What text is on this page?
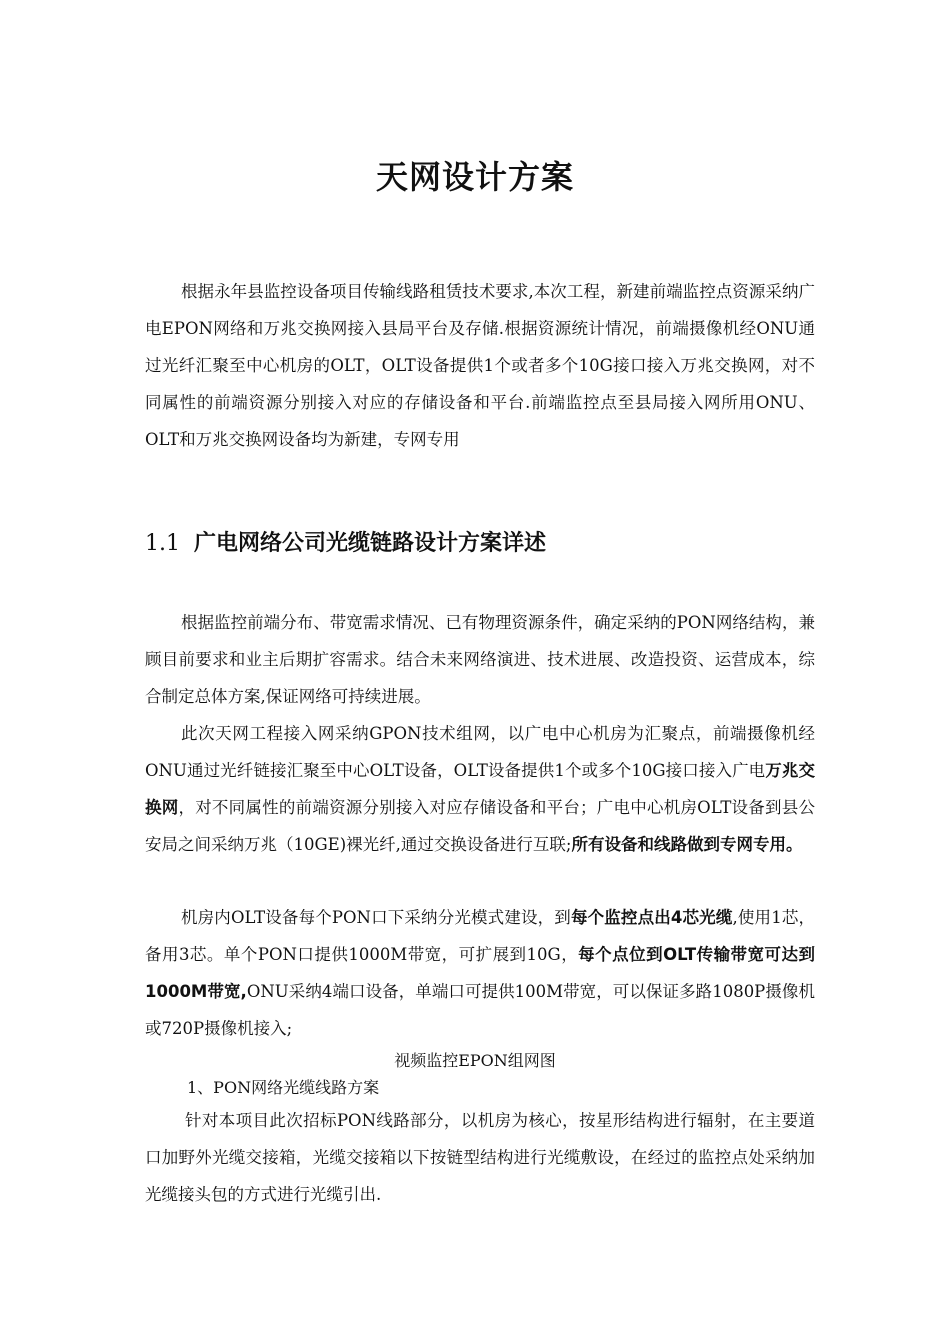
天网设计方案

根据永年县监控设备项目传输线路租赁技术要求,本次工程，新建前端监控点资源采纳广电EPON网络和万兆交换网接入县局平台及存储.根据资源统计情况，前端摄像机经ONU通过光纤汇聚至中心机房的OLT，OLT设备提供1个或者多个10G接口接入万兆交换网，对不同属性的前端资源分别接入对应的存储设备和平台.前端监控点至县局接入网所用ONU、OLT和万兆交换网设备均为新建，专网专用

1.1 广电网络公司光缆链路设计方案详述

根据监控前端分布、带宽需求情况、已有物理资源条件，确定采纳的PON网络结构，兼顾目前要求和业主后期扩容需求。结合未来网络演进、技术进展、改造投资、运营成本，综合制定总体方案,保证网络可持续进展。

此次天网工程接入网采纳GPON技术组网，以广电中心机房为汇聚点，前端摄像机经ONU通过光纤链接汇聚至中心OLT设备，OLT设备提供1个或多个10G接口接入广电万兆交换网，对不同属性的前端资源分别接入对应存储设备和平台；广电中心机房OLT设备到县公安局之间采纳万兆（10GE)裸光纤,通过交换设备进行互联;所有设备和线路做到专网专用。

机房内OLT设备每个PON口下采纳分光模式建设，到每个监控点出4芯光缆,使用1芯，备用3芯。单个PON口提供1000M带宽，可扩展到10G，每个点位到OLT传输带宽可达到1000M带宽,ONU采纳4端口设备，单端口可提供100M带宽，可以保证多路1080P摄像机或720P摄像机接入;

视频监控EPON组网图
1、PON网络光缆线路方案

针对本项目此次招标PON线路部分，以机房为核心，按星形结构进行辐射，在主要道口加野外光缆交接箱，光缆交接箱以下按链型结构进行光缆敷设，在经过的监控点处采纳加光缆接头包的方式进行光缆引出.
